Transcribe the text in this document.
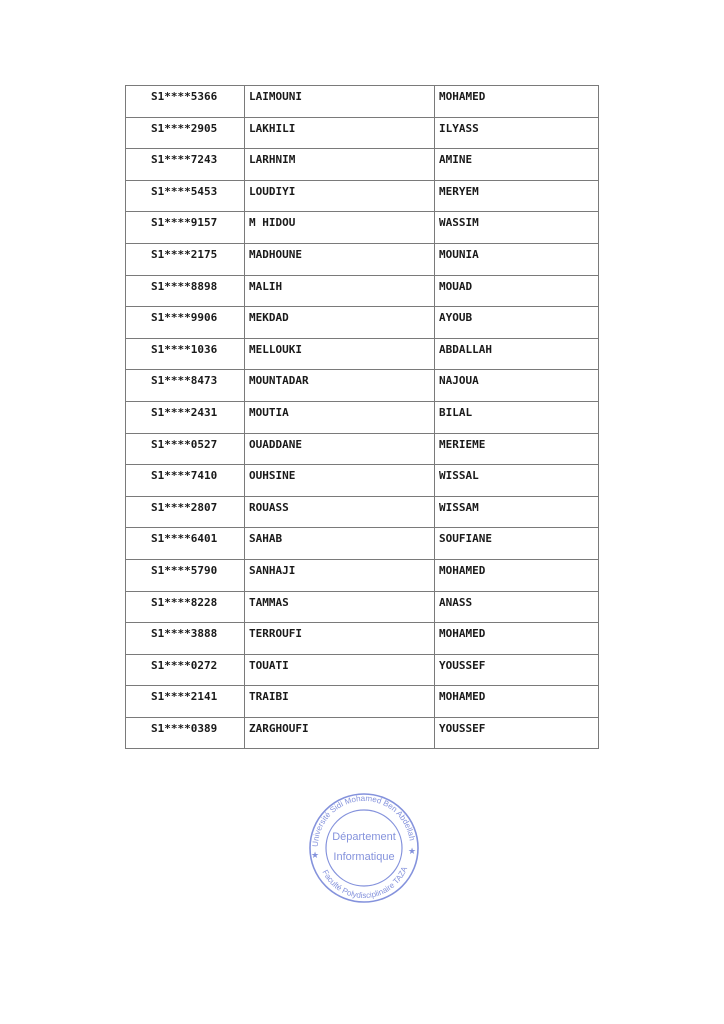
S1****5366	LAIMOUNI	MOHAMED

S1****2905	LAKHILI	ILYASS

S1****7243	LARHNIM	AMINE

S1****5453	LOUDIYI	MERYEM

S1****9157	M HIDOU	WASSIM

S1****2175	MADHOUNE	MOUNIA

S1****8898	MALIH	MOUAD

S1****9906	MEKDAD	AYOUB

S1****1036	MELLOUKI	ABDALLAH

S1****8473	MOUNTADAR	NAJOUA

S1****2431	MOUTIA	BILAL

S1****0527	OUADDANE	MERIEME

S1****7410	OUHSINE	WISSAL

S1****2807	ROUASS	WISSAM

S1****6401	SAHAB	SOUFIANE

S1****5790	SANHAJI	MOHAMED

S1****8228	TAMMAS	ANASS

S1****3888	TERROUFI	MOHAMED

S1****0272	TOUATI	YOUSSEF

S1****2141	TRAIBI	MOHAMED

S1****0389	ZARGHOUFI	YOUSSEF
Université Sidi Mohamed Ben Abdellah
Faculté Polydisciplinaire TAZA
★	★
Département
Informatique
